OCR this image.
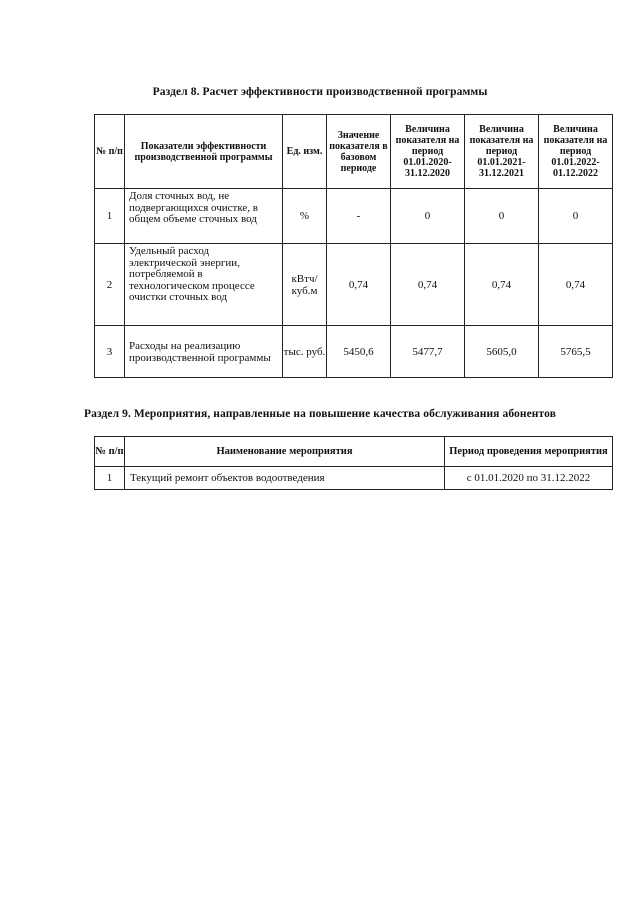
Раздел 8. Расчет эффективности производственной программы
№ п/п	Показатели эффективности производственной программы	Ед. изм.	Значение показателя в базовом периоде	Величина показателя на период 01.01.2020-31.12.2020	Величина показателя на период 01.01.2021-31.12.2021	Величина показателя на период 01.01.2022-01.12.2022
1	Доля сточных вод, не подвергающихся очистке, в общем объеме сточных вод	%	-	0	0	0
2	Удельный расход электрической энергии, потребляемой в технологическом процессе очистки сточных вод	кВтч/ куб.м	0,74	0,74	0,74	0,74
3	Расходы на реализацию производственной программы	тыс. руб.	5450,6	5477,7	5605,0	5765,5
Раздел 9. Мероприятия, направленные на повышение качества обслуживания абонентов
№ п/п	Наименование мероприятия	Период проведения мероприятия
1	Текущий ремонт объектов водоотведения	с 01.01.2020 по 31.12.2022
